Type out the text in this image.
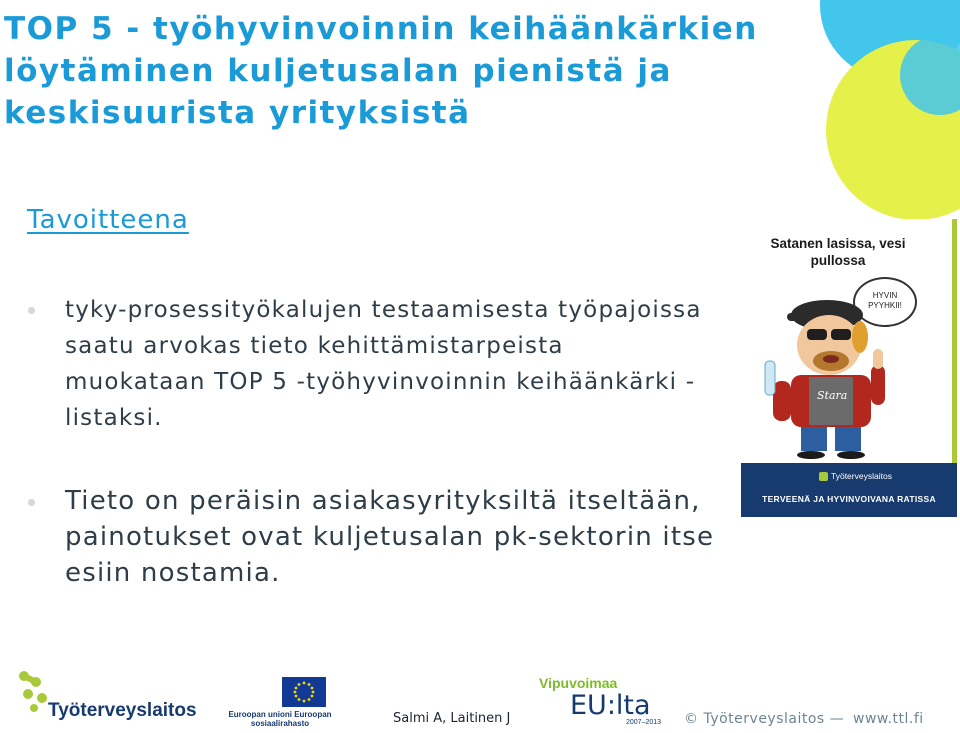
TOP 5 - työhyvinvoinnin keihäänkärkien löytäminen kuljetusalan pienistä ja keskisuurista yrityksistä
Tavoitteena
tyky-prosessityökalujen testaamisesta työpajoissa saatu arvokas tieto kehittämistarpeista muokataan TOP 5 -työhyvinvoinnin keihäänkärki -listaksi.
Tieto on peräisin asiakasyrityksiltä itseltään, painotukset ovat kuljetusalan pk-sektorin itse esiin nostamia.
Satanen lasissa, vesi pullossa
HYVIN PYYHKII!
Stara
Työterveyslaitos
TERVEENÄ JA HYVINVOIVANA RATISSA
Työterveyslaitos	Euroopan unioni Euroopan sosiaalirahasto	Salmi A, Laitinen J
Vipuvoimaa
EU:lta
2007–2013 © Työterveyslaitos — www.ttl.fi
